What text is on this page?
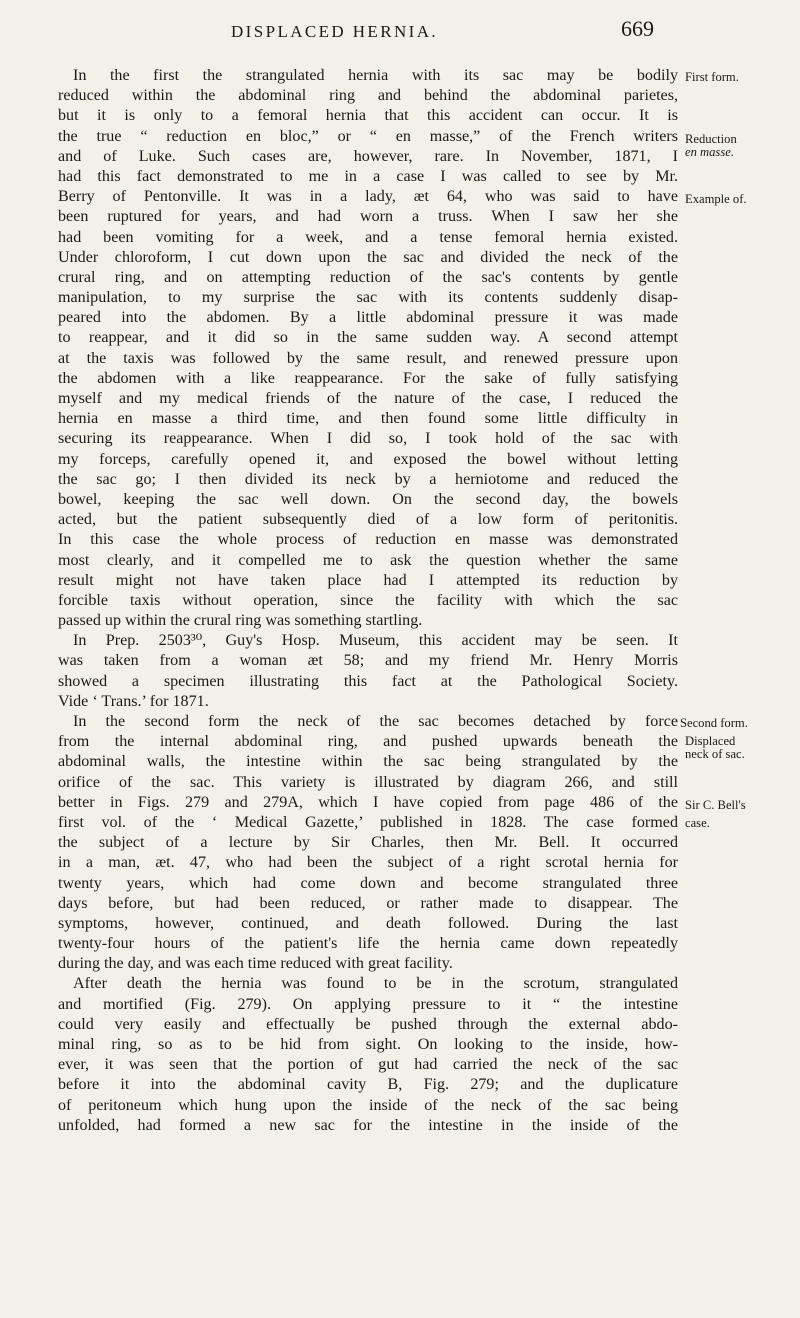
DISPLACED HERNIA.	669
In the first the strangulated hernia with its sac may be bodily
reduced within the abdominal ring and behind the abdominal parietes,
but it is only to a femoral hernia that this accident can occur. It is
the true “ reduction en bloc,” or “ en masse,” of the French writers
and of Luke. Such cases are, however, rare. In November, 1871, I
had this fact demonstrated to me in a case I was called to see by Mr.
Berry of Pentonville. It was in a lady, æt 64, who was said to have
been ruptured for years, and had worn a truss. When I saw her she
had been vomiting for a week, and a tense femoral hernia existed.
Under chloroform, I cut down upon the sac and divided the neck of the
crural ring, and on attempting reduction of the sac's contents by gentle
manipulation, to my surprise the sac with its contents suddenly disap-
peared into the abdomen. By a little abdominal pressure it was made
to reappear, and it did so in the same sudden way. A second attempt
at the taxis was followed by the same result, and renewed pressure upon
the abdomen with a like reappearance. For the sake of fully satisfying
myself and my medical friends of the nature of the case, I reduced the
hernia en masse a third time, and then found some little difficulty in
securing its reappearance. When I did so, I took hold of the sac with
my forceps, carefully opened it, and exposed the bowel without letting
the sac go; I then divided its neck by a herniotome and reduced the
bowel, keeping the sac well down. On the second day, the bowels
acted, but the patient subsequently died of a low form of peritonitis.
In this case the whole process of reduction en masse was demonstrated
most clearly, and it compelled me to ask the question whether the same
result might not have taken place had I attempted its reduction by
forcible taxis without operation, since the facility with which the sac
passed up within the crural ring was something startling.
In Prep. 2503³⁰, Guy's Hosp. Museum, this accident may be seen. It
was taken from a woman æt 58; and my friend Mr. Henry Morris
showed a specimen illustrating this fact at the Pathological Society.
Vide ‘ Trans.’ for 1871.
In the second form the neck of the sac becomes detached by force
from the internal abdominal ring, and pushed upwards beneath the
abdominal walls, the intestine within the sac being strangulated by the
orifice of the sac. This variety is illustrated by diagram 266, and still
better in Figs. 279 and 279A, which I have copied from page 486 of the
first vol. of the ‘ Medical Gazette,’ published in 1828. The case formed
the subject of a lecture by Sir Charles, then Mr. Bell. It occurred
in a man, æt. 47, who had been the subject of a right scrotal hernia for
twenty years, which had come down and become strangulated three
days before, but had been reduced, or rather made to disappear. The
symptoms, however, continued, and death followed. During the last
twenty-four hours of the patient's life the hernia came down repeatedly
during the day, and was each time reduced with great facility.
After death the hernia was found to be in the scrotum, strangulated
and mortified (Fig. 279). On applying pressure to it “ the intestine
could very easily and effectually be pushed through the external abdo-
minal ring, so as to be hid from sight. On looking to the inside, how-
ever, it was seen that the portion of gut had carried the neck of the sac
before it into the abdominal cavity B, Fig. 279; and the duplicature
of peritoneum which hung upon the inside of the neck of the sac being
unfolded, had formed a new sac for the intestine in the inside of the
First form.
Reduction
en masse.
Example of.
Second form.
Displaced
neck of sac.
Sir C. Bell's
case.
